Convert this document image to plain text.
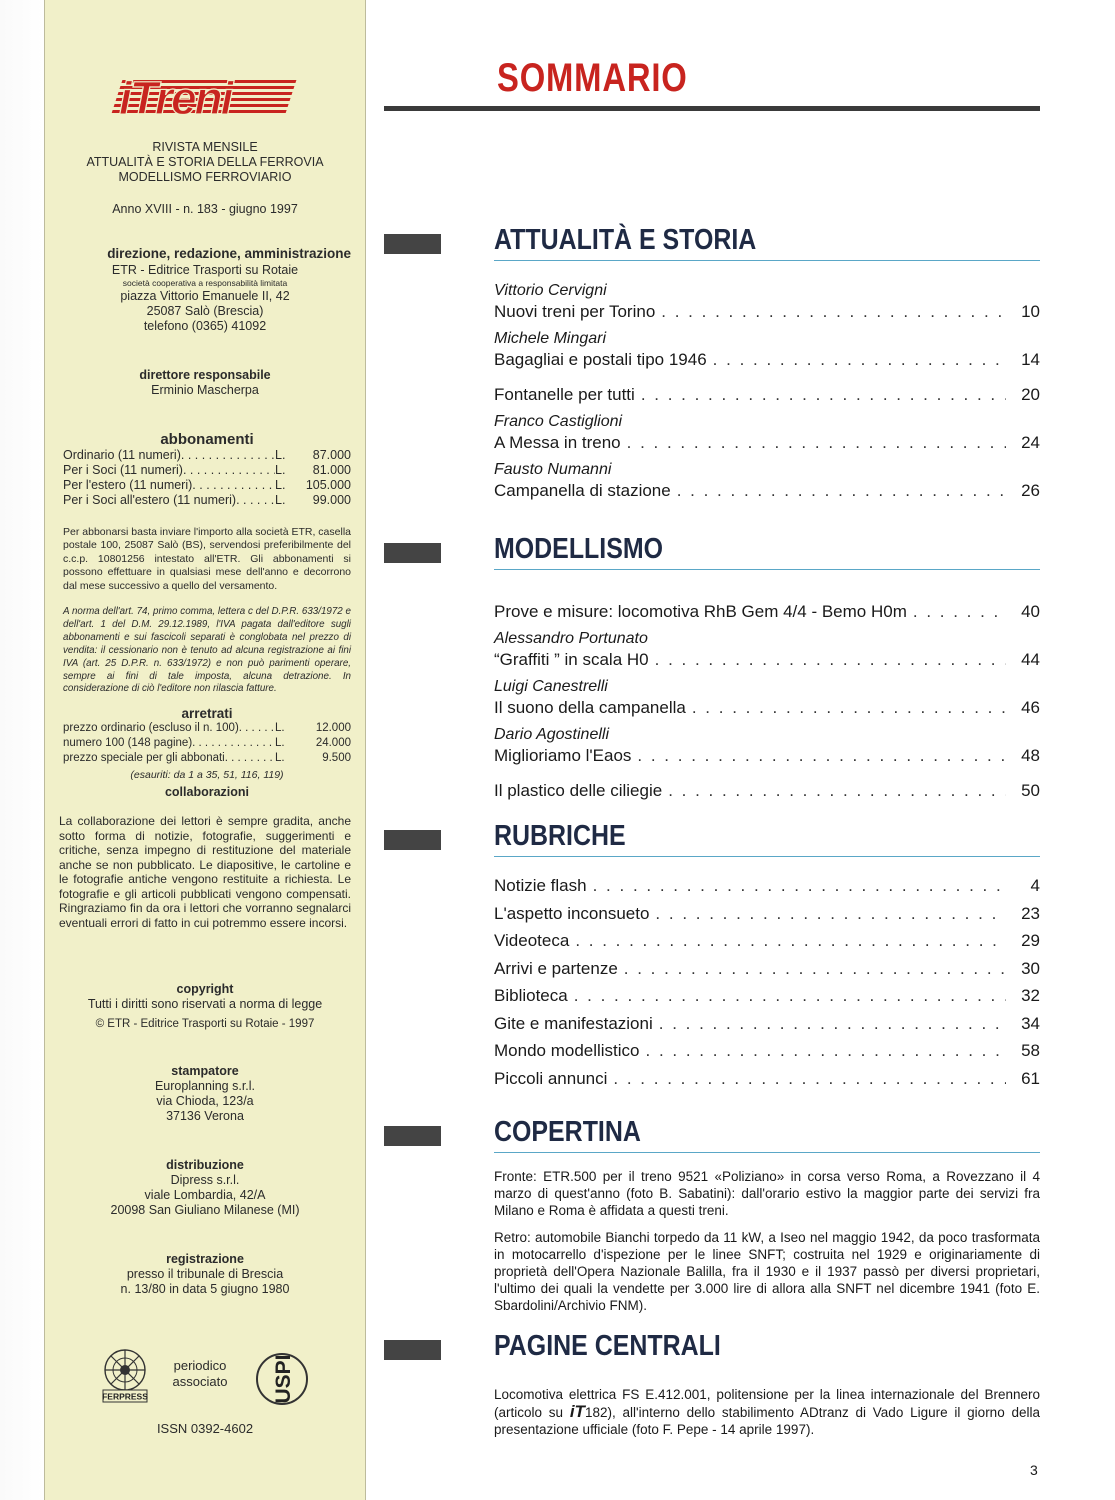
iTreni
RIVISTA MENSILE
ATTUALITÀ E STORIA DELLA FERROVIA
MODELLISMO FERROVIARIO
Anno XVIII - n. 183 - giugno 1997
direzione, redazione, amministrazione
ETR - Editrice Trasporti su Rotaie
società cooperativa a responsabilità limitata
piazza Vittorio Emanuele II, 42
25087 Salò (Brescia)
telefono (0365) 41092
direttore responsabile
Erminio Mascherpa
abbonamenti
Ordinario (11 numeri) . . .	L.	87.000
Per i Soci (11 numeri) . . .	L.	81.000
Per l'estero (11 numeri) . . .	L.	105.000
Per i Soci all'estero (11 numeri) . . .	L.	99.000
Per abbonarsi basta inviare l'importo alla società ETR, casella postale 100, 25087 Salò (BS), servendosi preferibilmente del c.c.p. 10801256 intestato all'ETR. Gli abbonamenti si possono effettuare in qualsiasi mese dell'anno e decorrono dal mese successivo a quello del versamento.
A norma dell'art. 74, primo comma, lettera c del D.P.R. 633/1972 e dell'art. 1 del D.M. 29.12.1989, l'IVA pagata dall'editore sugli abbonamenti e sui fascicoli separati è conglobata nel prezzo di vendita: il cessionario non è tenuto ad alcuna registrazione ai fini IVA (art. 25 D.P.R. n. 633/1972) e non può parimenti operare, sempre ai fini di tale imposta, alcuna detrazione. In considerazione di ciò l'editore non rilascia fatture.
arretrati
prezzo ordinario (escluso il n. 100) . . .	L.	12.000
numero 100 (148 pagine) . . .	L.	24.000
prezzo speciale per gli abbonati . . .	L.	9.500
(esauriti: da 1 a 35, 51, 116, 119)
collaborazioni
La collaborazione dei lettori è sempre gradita, anche sotto forma di notizie, fotografie, suggerimenti e critiche, senza impegno di restituzione del materiale anche se non pubblicato. Le diapositive, le cartoline e le fotografie antiche vengono restituite a richiesta. Le fotografie e gli articoli pubblicati vengono compensati. Ringraziamo fin da ora i lettori che vorranno segnalarci eventuali errori di fatto in cui potremmo essere incorsi.
copyright
Tutti i diritti sono riservati a norma di legge
© ETR - Editrice Trasporti su Rotaie - 1997
stampatore
Europlanning s.r.l.
via Chioda, 123/a
37136 Verona
distribuzione
Dipress s.r.l.
viale Lombardia, 42/A
20098 San Giuliano Milanese (MI)
registrazione
presso il tribunale di Brescia
n. 13/80 in data 5 giugno 1980
FERPRESS
periodico
associato	USPI
ISSN 0392-4602
SOMMARIO
ATTUALITÀ E STORIA
Vittorio Cervigni
Nuovi treni per Torino . . .	10
Michele Mingari
Bagagliai e postali tipo 1946 . . .	14
Fontanelle per tutti . . .	20
Franco Castiglioni
A Messa in treno . . .	24
Fausto Numanni
Campanella di stazione . . .	26
MODELLISMO
Prove e misure: locomotiva RhB Gem 4/4 - Bemo H0m . . .	40
Alessandro Portunato
“Graffiti ” in scala H0 . . .	44
Luigi Canestrelli
Il suono della campanella . . .	46
Dario Agostinelli
Miglioriamo l'Eaos . . .	48
Il plastico delle ciliegie . . .	50
RUBRICHE
Notizie flash . . .	4
L'aspetto inconsueto . . .	23
Videoteca . . .	29
Arrivi e partenze . . .	30
Biblioteca . . .	32
Gite e manifestazioni . . .	34
Mondo modellistico . . .	58
Piccoli annunci . . .	61
COPERTINA
Fronte: ETR.500 per il treno 9521 «Poliziano» in corsa verso Roma, a Rovezzano il 4 marzo di quest'anno (foto B. Sabatini): dall'orario estivo la maggior parte dei servizi fra Milano e Roma è affidata a questi treni.
Retro: automobile Bianchi torpedo da 11 kW, a Iseo nel maggio 1942, da poco trasformata in motocarrello d'ispezione per le linee SNFT; costruita nel 1929 e originariamente di proprietà dell'Opera Nazionale Balilla, fra il 1930 e il 1937 passò per diversi proprietari, l'ultimo dei quali la vendette per 3.000 lire di allora alla SNFT nel dicembre 1941 (foto E. Sbardolini/Archivio FNM).
PAGINE CENTRALI
Locomotiva elettrica FS E.412.001, politensione per la linea internazionale del Brennero (articolo su iT182), all'interno dello stabilimento ADtranz di Vado Ligure il giorno della presentazione ufficiale (foto F. Pepe - 14 aprile 1997).
3
